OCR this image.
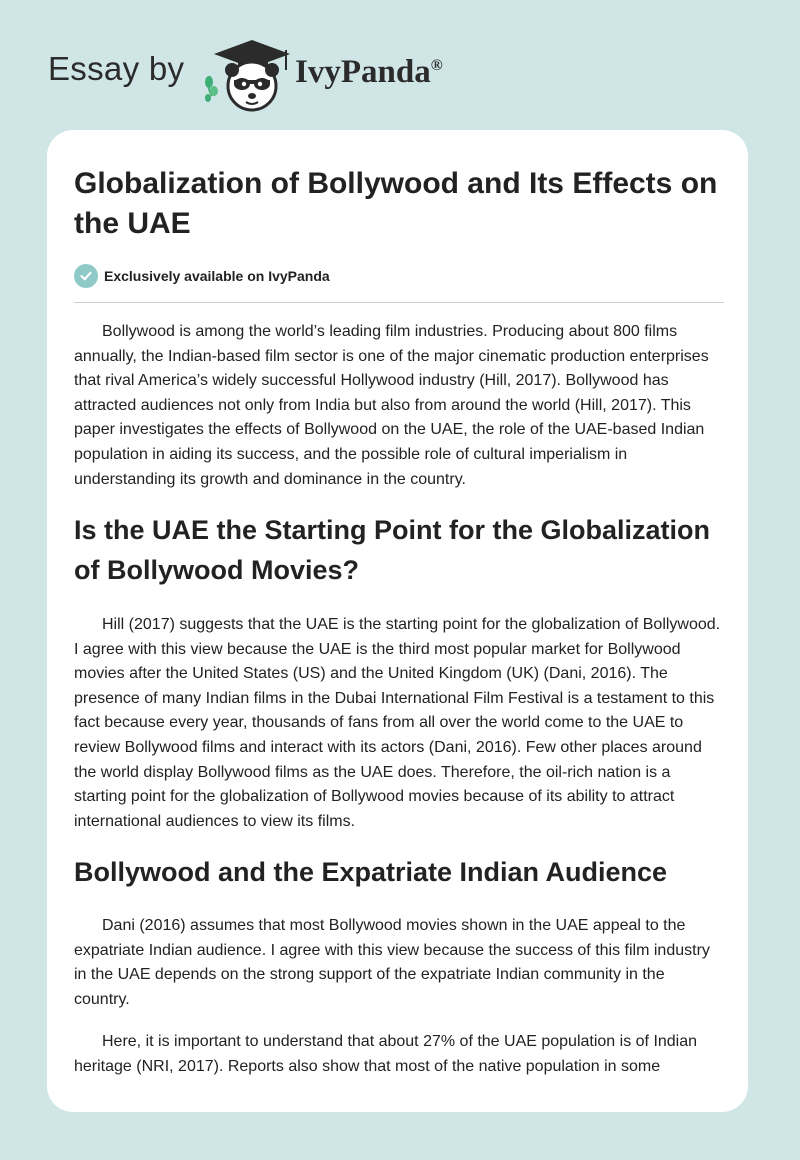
Essay by	IvyPanda®
Globalization of Bollywood and Its Effects on the UAE
Exclusively available on IvyPanda

Bollywood is among the world’s leading film industries. Producing about 800 films annually, the Indian-based film sector is one of the major cinematic production enterprises that rival America’s widely successful Hollywood industry (Hill, 2017). Bollywood has attracted audiences not only from India but also from around the world (Hill, 2017). This paper investigates the effects of Bollywood on the UAE, the role of the UAE-based Indian population in aiding its success, and the possible role of cultural imperialism in understanding its growth and dominance in the country.

Is the UAE the Starting Point for the Globalization of Bollywood Movies?

Hill (2017) suggests that the UAE is the starting point for the globalization of Bollywood. I agree with this view because the UAE is the third most popular market for Bollywood movies after the United States (US) and the United Kingdom (UK) (Dani, 2016). The presence of many Indian films in the Dubai International Film Festival is a testament to this fact because every year, thousands of fans from all over the world come to the UAE to review Bollywood films and interact with its actors (Dani, 2016). Few other places around the world display Bollywood films as the UAE does. Therefore, the oil-rich nation is a starting point for the globalization of Bollywood movies because of its ability to attract international audiences to view its films.

Bollywood and the Expatriate Indian Audience

Dani (2016) assumes that most Bollywood movies shown in the UAE appeal to the expatriate Indian audience. I agree with this view because the success of this film industry in the UAE depends on the strong support of the expatriate Indian community in the country.

Here, it is important to understand that about 27% of the UAE population is of Indian heritage (NRI, 2017). Reports also show that most of the native population in some
